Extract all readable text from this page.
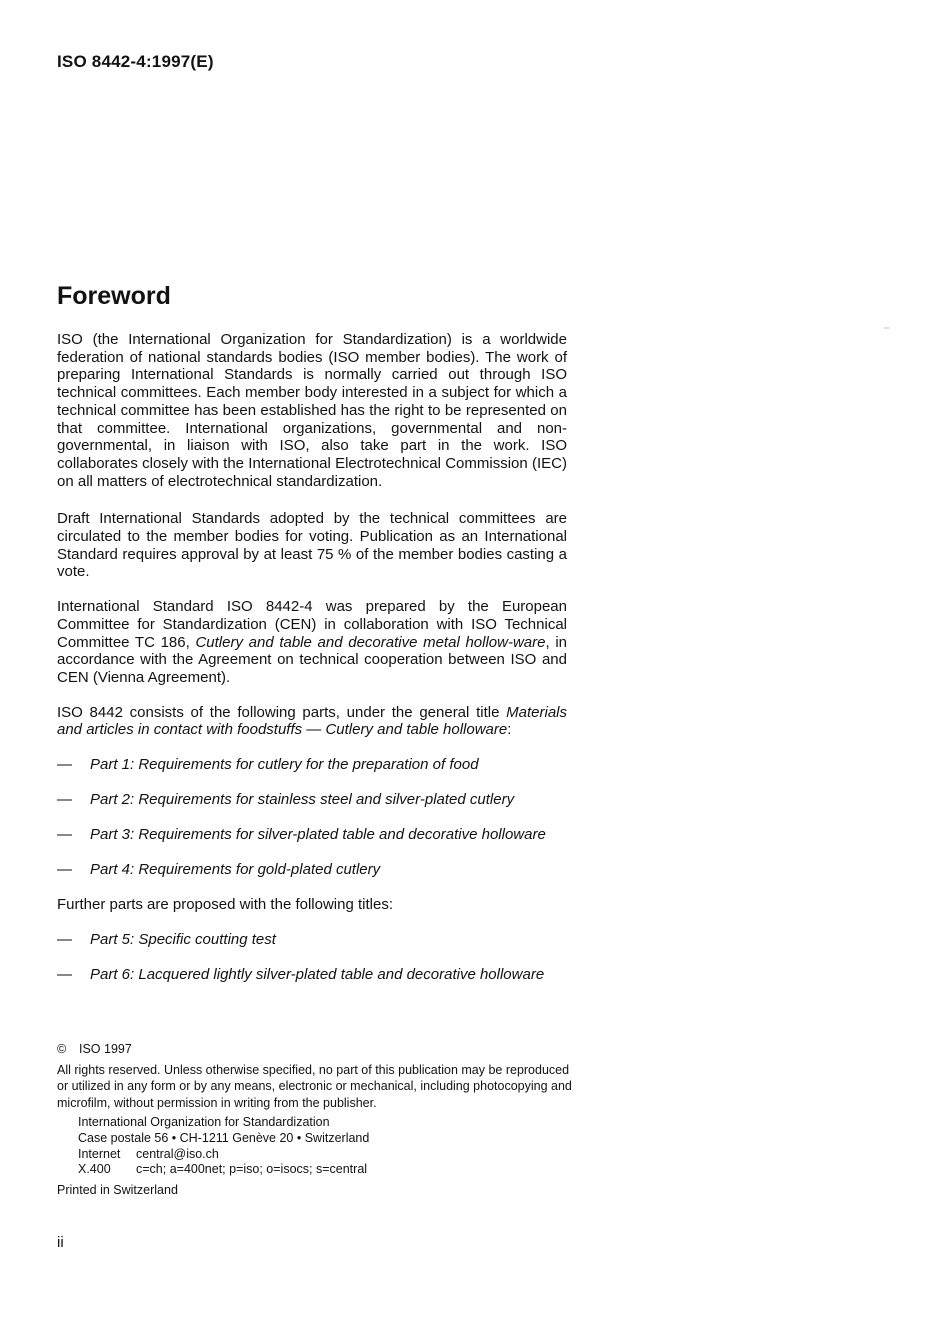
ISO 8442-4:1997(E)
Foreword

ISO (the International Organization for Standardization) is a worldwide federation of national standards bodies (ISO member bodies). The work of preparing International Standards is normally carried out through ISO technical committees. Each member body interested in a subject for which a technical committee has been established has the right to be represented on that committee. International organizations, governmental and non-governmental, in liaison with ISO, also take part in the work. ISO collaborates closely with the International Electrotechnical Commission (IEC) on all matters of electrotechnical standardization.

Draft International Standards adopted by the technical committees are circulated to the member bodies for voting. Publication as an International Standard requires approval by at least 75 % of the member bodies casting a vote.

International Standard ISO 8442-4 was prepared by the European Committee for Standardization (CEN) in collaboration with ISO Technical Committee TC 186, Cutlery and table and decorative metal hollow-ware, in accordance with the Agreement on technical cooperation between ISO and CEN (Vienna Agreement).

ISO 8442 consists of the following parts, under the general title Materials and articles in contact with foodstuffs — Cutlery and table holloware:

—	Part 1: Requirements for cutlery for the preparation of food
—	Part 2: Requirements for stainless steel and silver-plated cutlery
—	Part 3: Requirements for silver-plated table and decorative holloware
—	Part 4: Requirements for gold-plated cutlery

Further parts are proposed with the following titles:

—	Part 5: Specific coutting test
—	Part 6: Lacquered lightly silver-plated table and decorative holloware
© ISO 1997
All rights reserved. Unless otherwise specified, no part of this publication may be reproduced or utilized in any form or by any means, electronic or mechanical, including photocopying and microfilm, without permission in writing from the publisher.
International Organization for Standardization
Case postale 56 • CH-1211 Genève 20 • Switzerland
Internet central@iso.ch
X.400 c=ch; a=400net; p=iso; o=isocs; s=central
Printed in Switzerland
ii
